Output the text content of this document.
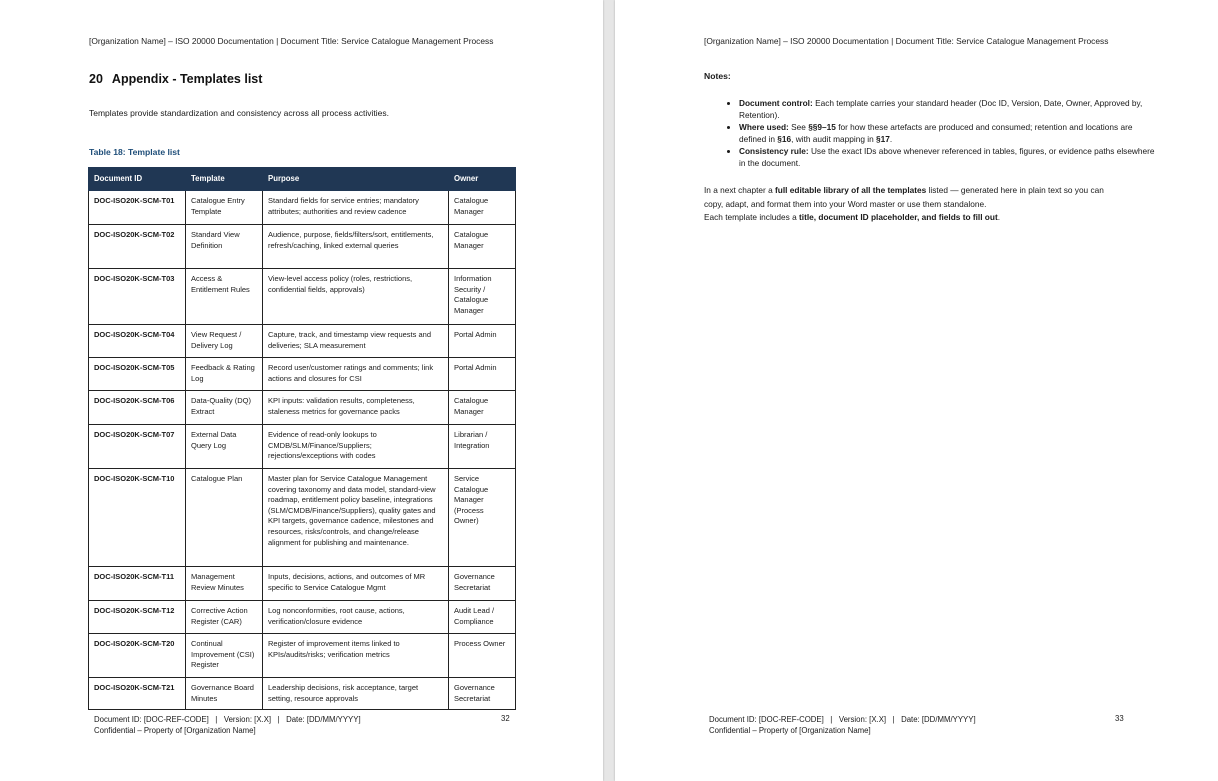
[Organization Name] – ISO 20000 Documentation | Document Title: Service Catalogue Management Process
20 Appendix - Templates list
Templates provide standardization and consistency across all process activities.
Table 18: Template list
Document ID	Template	Purpose	Owner
DOC-ISO20K-SCM-T01	Catalogue Entry Template	Standard fields for service entries; mandatory attributes; authorities and review cadence	Catalogue Manager
DOC-ISO20K-SCM-T02	Standard View Definition	Audience, purpose, fields/filters/sort, entitlements, refresh/caching, linked external queries	Catalogue Manager
DOC-ISO20K-SCM-T03	Access & Entitlement Rules	View-level access policy (roles, restrictions, confidential fields, approvals)	Information Security / Catalogue Manager
DOC-ISO20K-SCM-T04	View Request / Delivery Log	Capture, track, and timestamp view requests and deliveries; SLA measurement	Portal Admin
DOC-ISO20K-SCM-T05	Feedback & Rating Log	Record user/customer ratings and comments; link actions and closures for CSI	Portal Admin
DOC-ISO20K-SCM-T06	Data-Quality (DQ) Extract	KPI inputs: validation results, completeness, staleness metrics for governance packs	Catalogue Manager
DOC-ISO20K-SCM-T07	External Data Query Log	Evidence of read-only lookups to CMDB/SLM/Finance/Suppliers; rejections/exceptions with codes	Librarian / Integration
DOC-ISO20K-SCM-T10	Catalogue Plan	Master plan for Service Catalogue Management covering taxonomy and data model, standard-view roadmap, entitlement policy baseline, integrations (SLM/CMDB/Finance/Suppliers), quality gates and KPI targets, governance cadence, milestones and resources, risks/controls, and change/release alignment for publishing and maintenance.	Service Catalogue Manager (Process Owner)
DOC-ISO20K-SCM-T11	Management Review Minutes	Inputs, decisions, actions, and outcomes of MR specific to Service Catalogue Mgmt	Governance Secretariat
DOC-ISO20K-SCM-T12	Corrective Action Register (CAR)	Log nonconformities, root cause, actions, verification/closure evidence	Audit Lead / Compliance
DOC-ISO20K-SCM-T20	Continual Improvement (CSI) Register	Register of improvement items linked to KPIs/audits/risks; verification metrics	Process Owner
DOC-ISO20K-SCM-T21	Governance Board Minutes	Leadership decisions, risk acceptance, target setting, resource approvals	Governance Secretariat
Document ID: [DOC-REF-CODE]   |   Version: [X.X]   |   Date: [DD/MM/YYYY]
Confidential – Property of [Organization Name]
32
[Organization Name] – ISO 20000 Documentation | Document Title: Service Catalogue Management Process
Notes:
• Document control: Each template carries your standard header (Doc ID, Version, Date, Owner, Approved by, Retention).
• Where used: See §§9–15 for how these artefacts are produced and consumed; retention and locations are defined in §16, with audit mapping in §17.
• Consistency rule: Use the exact IDs above whenever referenced in tables, figures, or evidence paths elsewhere in the document.

In a next chapter a full editable library of all the templates listed — generated here in plain text so you can copy, adapt, and format them into your Word master or use them standalone.

Each template includes a title, document ID placeholder, and fields to fill out.

Document ID: [DOC-REF-CODE]   |   Version: [X.X]   |   Date: [DD/MM/YYYY]
Confidential – Property of [Organization Name]
33
